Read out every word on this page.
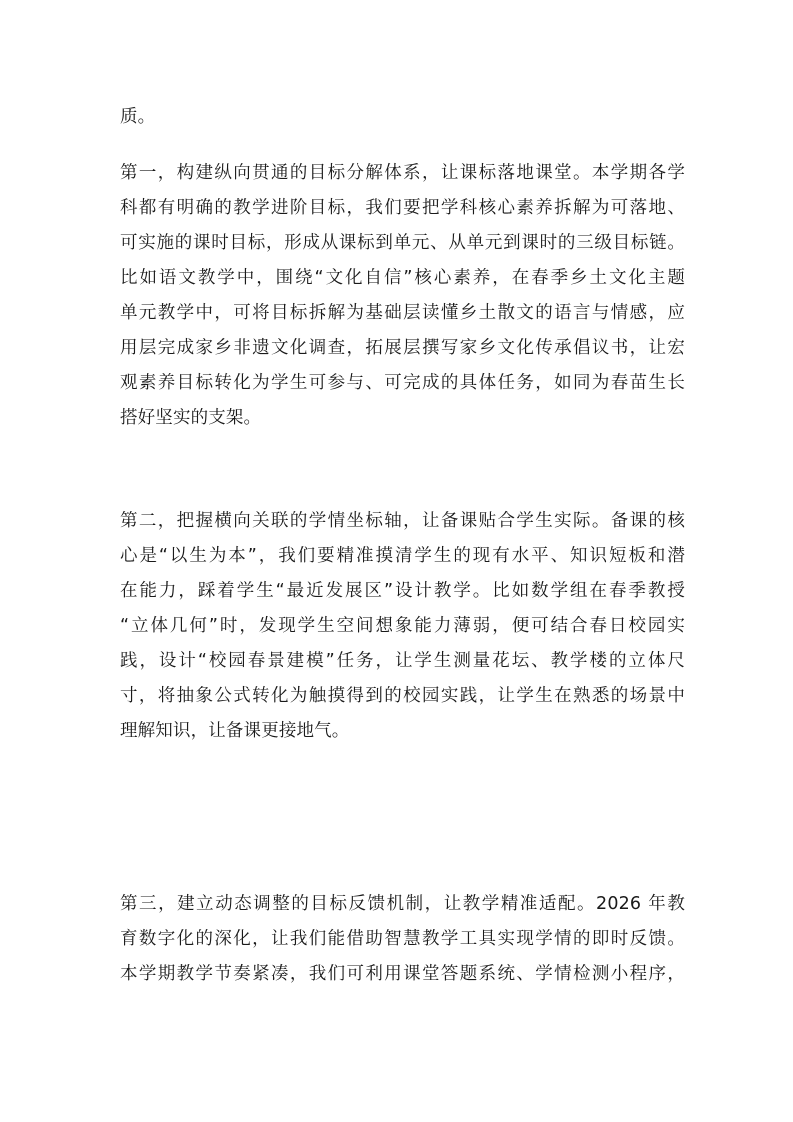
质。
第一，构建纵向贯通的目标分解体系，让课标落地课堂。本学期各学
科都有明确的教学进阶目标，我们要把学科核心素养拆解为可落地、
可实施的课时目标，形成从课标到单元、从单元到课时的三级目标链。
比如语文教学中，围绕“文化自信”核心素养，在春季乡土文化主题
单元教学中，可将目标拆解为基础层读懂乡土散文的语言与情感，应
用层完成家乡非遗文化调查，拓展层撰写家乡文化传承倡议书，让宏
观素养目标转化为学生可参与、可完成的具体任务，如同为春苗生长
搭好坚实的支架。
第二，把握横向关联的学情坐标轴，让备课贴合学生实际。备课的核
心是“以生为本”，我们要精准摸清学生的现有水平、知识短板和潜
在能力，踩着学生“最近发展区”设计教学。比如数学组在春季教授
“立体几何”时，发现学生空间想象能力薄弱，便可结合春日校园实
践，设计“校园春景建模”任务，让学生测量花坛、教学楼的立体尺
寸，将抽象公式转化为触摸得到的校园实践，让学生在熟悉的场景中
理解知识，让备课更接地气。
第三，建立动态调整的目标反馈机制，让教学精准适配。2026 年教
育数字化的深化，让我们能借助智慧教学工具实现学情的即时反馈。
本学期教学节奏紧凑，我们可利用课堂答题系统、学情检测小程序，
